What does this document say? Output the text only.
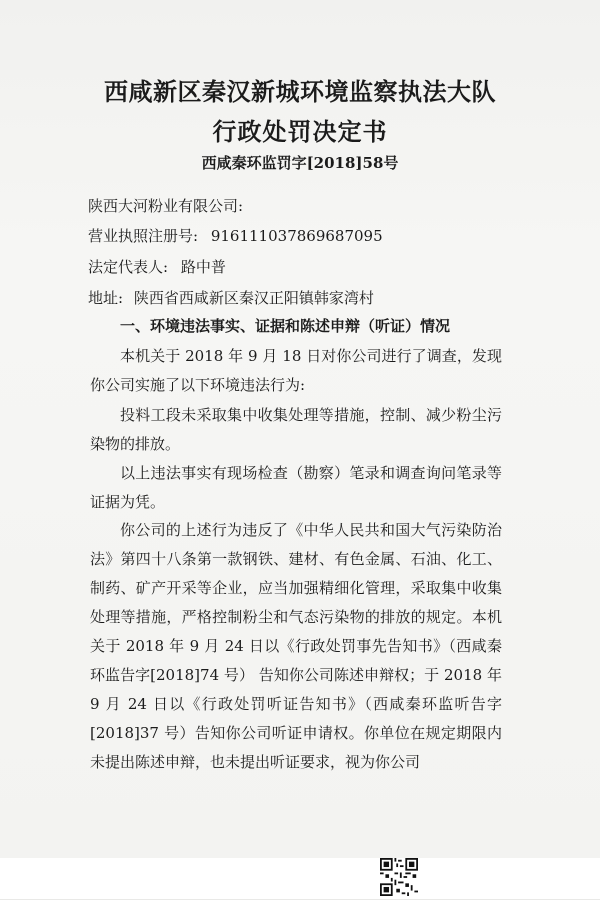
西咸新区秦汉新城环境监察执法大队
行政处罚决定书
西咸秦环监罚字[2018]58号
陕西大河粉业有限公司:
营业执照注册号: 916111037869687095
法定代表人: 路中普
地址: 陕西省西咸新区秦汉正阳镇韩家湾村
一、环境违法事实、证据和陈述申辩（听证）情况
本机关于 2018 年 9 月 18 日对你公司进行了调查，发现你公司实施了以下环境违法行为:
投料工段未采取集中收集处理等措施，控制、减少粉尘污染物的排放。
以上违法事实有现场检查（勘察）笔录和调查询问笔录等证据为凭。
你公司的上述行为违反了《中华人民共和国大气污染防治法》第四十八条第一款钢铁、建材、有色金属、石油、化工、制药、矿产开采等企业，应当加强精细化管理，采取集中收集处理等措施，严格控制粉尘和气态污染物的排放的规定。本机关于 2018 年 9 月 24 日以《行政处罚事先告知书》（西咸秦环监告字[2018]74 号） 告知你公司陈述申辩权；于 2018 年 9 月 24 日以《行政处罚听证告知书》（西咸秦环监听告字[2018]37 号）告知你公司听证申请权。你单位在规定期限内未提出陈述申辩，也未提出听证要求，视为你公司
